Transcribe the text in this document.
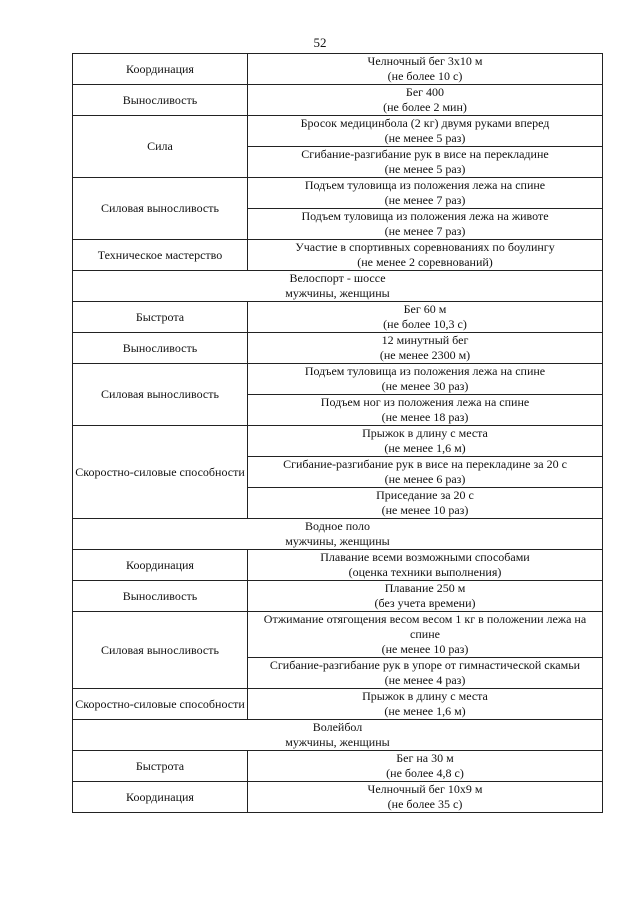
52
Координация	Челночный бег 3х10 м
(не более 10 с)

Выносливость	Бег 400
(не более 2 мин)

Сила	Бросок медицинбола (2 кг) двумя руками вперед
(не менее 5 раз)

	Сгибание-разгибание рук в висе на перекладине
(не менее 5 раз)

Силовая выносливость	Подъем туловища из положения лежа на спине
(не менее 7 раз)

	Подъем туловища из положения лежа на животе
(не менее 7 раз)

Техническое мастерство	Участие в спортивных соревнованиях по боулингу
(не менее 2 соревнований)

Велоспорт - шоссе
мужчины, женщины	

Быстрота	Бег 60 м
(не более 10,3 с)

Выносливость	12 минутный бег
(не менее 2300 м)

Силовая выносливость	Подъем туловища из положения лежа на спине
(не менее 30 раз)

	Подъем ног из положения лежа на спине
(не менее 18 раз)

Скоростно-силовые способности	Прыжок в длину с места
(не менее 1,6 м)

	Сгибание-разгибание рук в висе на перекладине за 20 с
(не менее 6 раз)

	Приседание за 20 с
(не менее 10 раз)

Водное поло
мужчины, женщины	

Координация	Плавание всеми возможными способами
(оценка техники выполнения)

Выносливость	Плавание 250 м
(без учета времени)

Силовая выносливость	Отжимание отягощения весом весом 1 кг в положении лежа на спине
(не менее 10 раз)

	Сгибание-разгибание рук в упоре от гимнастической скамьи
(не менее 4 раз)

Скоростно-силовые способности	Прыжок в длину с места
(не менее 1,6 м)

Волейбол
мужчины, женщины	

Быстрота	Бег на 30 м
(не более 4,8 с)

Координация	Челночный бег 10х9 м
(не более 35 с)
